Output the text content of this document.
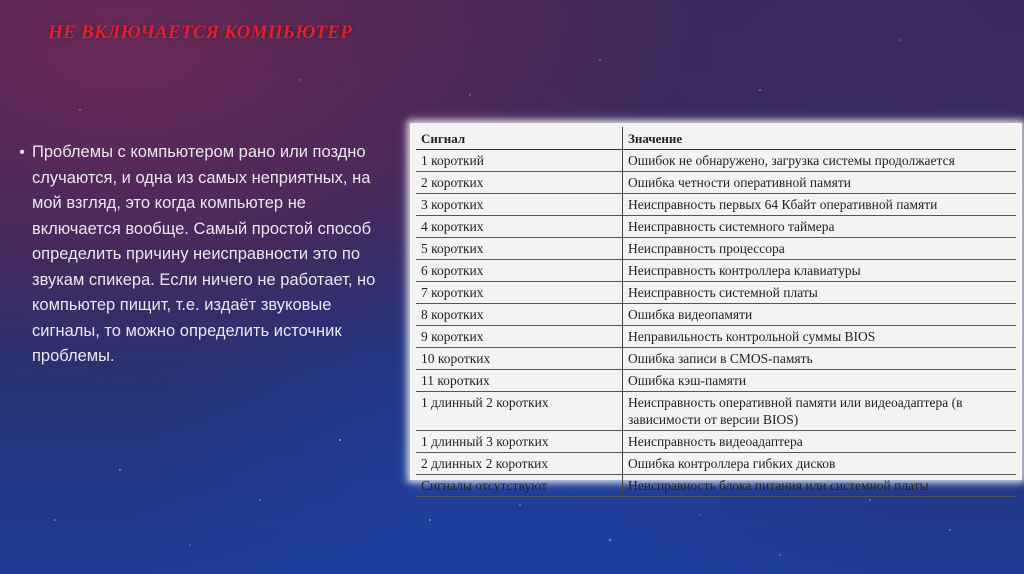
НЕ ВКЛЮЧАЕТСЯ КОМПЬЮТЕР
• Проблемы с компьютером рано или поздно случаются, и одна из самых неприятных, на мой взгляд, это когда компьютер не включается вообще. Самый простой способ определить причину неисправности это по звукам спикера. Если ничего не работает, но компьютер пищит, т.е. издаёт звуковые сигналы, то можно определить источник проблемы.

Сигнал	Значение
1 короткий	Ошибок не обнаружено, загрузка системы продолжается
2 коротких	Ошибка четности оперативной памяти
3 коротких	Неисправность первых 64 Кбайт оперативной памяти
4 коротких	Неисправность системного таймера
5 коротких	Неисправность процессора
6 коротких	Неисправность контроллера клавиатуры
7 коротких	Неисправность системной платы
8 коротких	Ошибка видеопамяти
9 коротких	Неправильность контрольной суммы BIOS
10 коротких	Ошибка записи в CMOS-память
11 коротких	Ошибка кэш-памяти
1 длинный 2 коротких	Неисправность оперативной памяти или видеоадаптера (в зависимости от версии BIOS)
1 длинный 3 коротких	Неисправность видеоадаптера
2 длинных 2 коротких	Ошибка контроллера гибких дисков
Сигналы отсутствуют	Неисправность блока питания или системной платы
